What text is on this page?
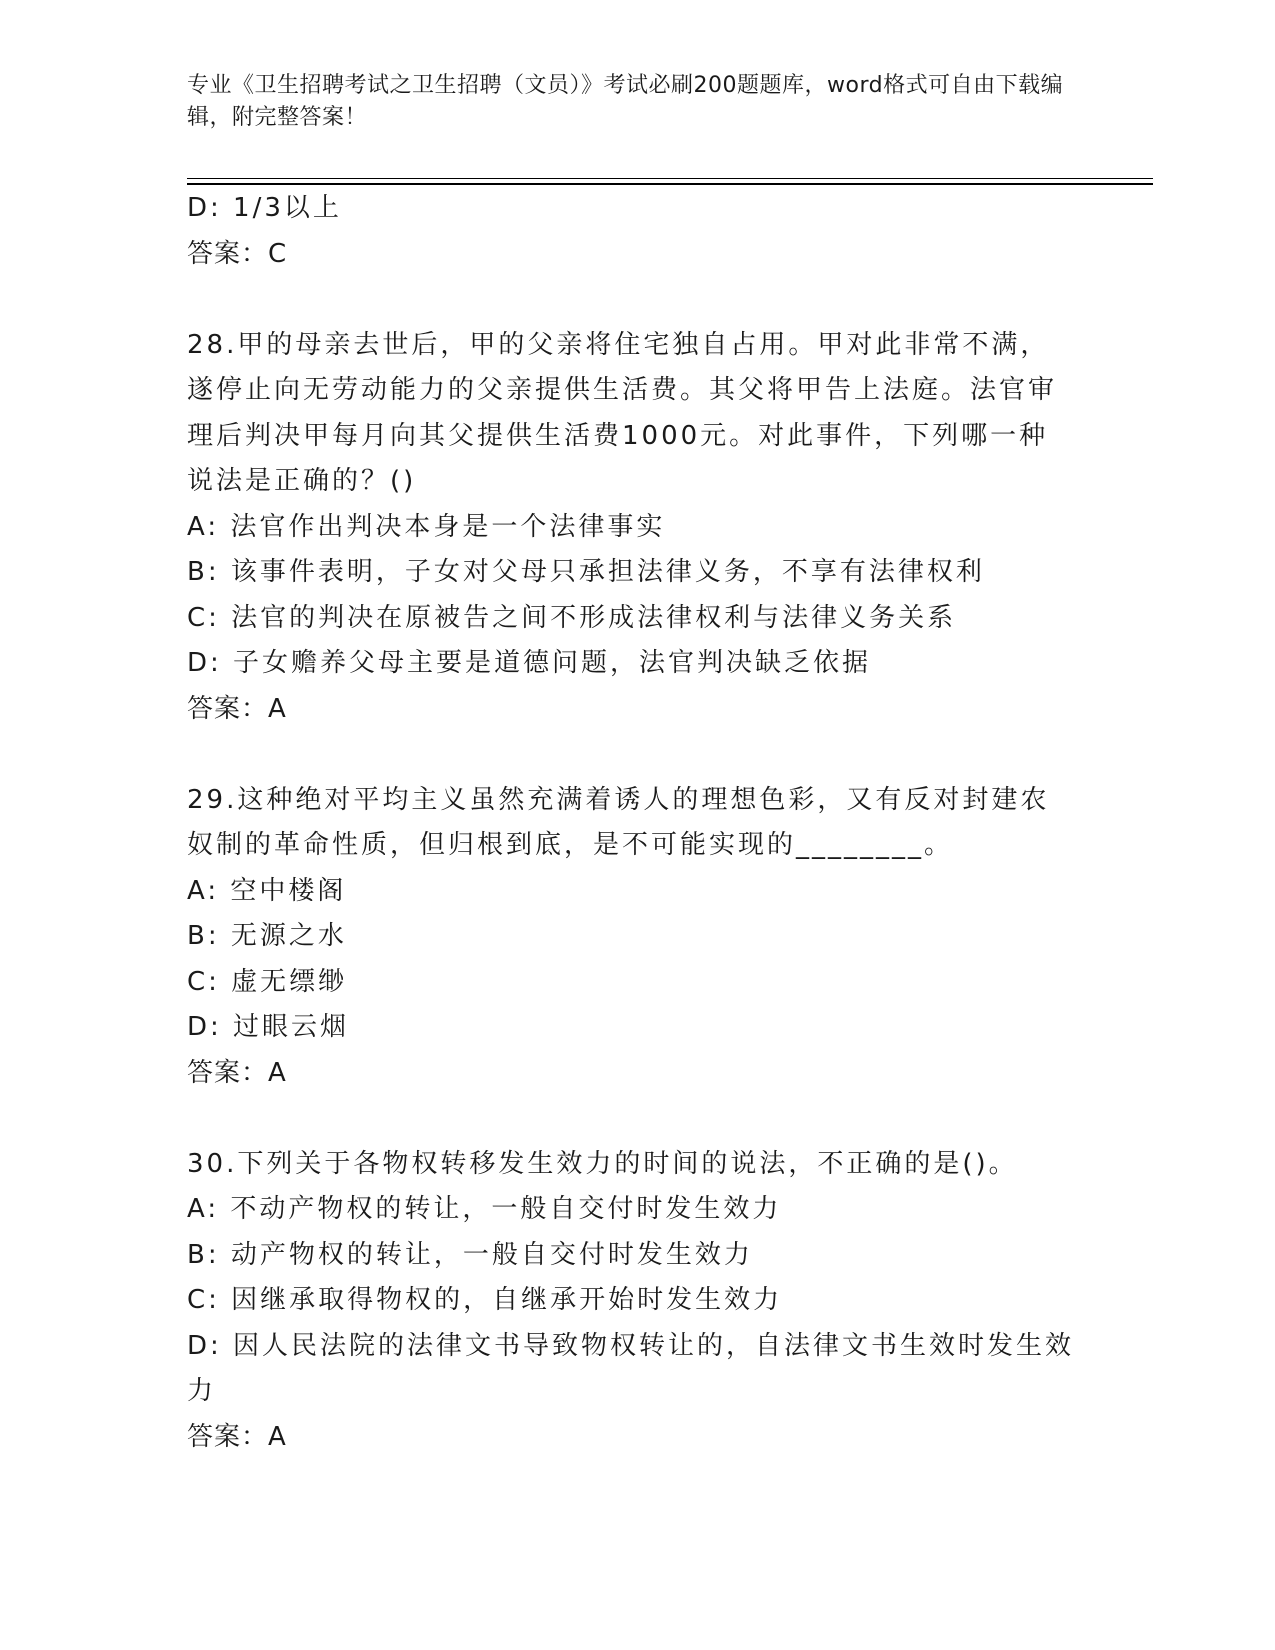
专业《卫生招聘考试之卫生招聘（文员）》考试必刷200题题库，word格式可自由下载编辑，附完整答案！

D: 1/3以上

答案：C

28.甲的母亲去世后，甲的父亲将住宅独自占用。甲对此非常不满，遂停止向无劳动能力的父亲提供生活费。其父将甲告上法庭。法官审理后判决甲每月向其父提供生活费1000元。对此事件，下列哪一种说法是正确的？()

A: 法官作出判决本身是一个法律事实

B: 该事件表明，子女对父母只承担法律义务，不享有法律权利

C: 法官的判决在原被告之间不形成法律权利与法律义务关系

D: 子女赡养父母主要是道德问题，法官判决缺乏依据

答案：A

29.这种绝对平均主义虽然充满着诱人的理想色彩，又有反对封建农奴制的革命性质，但归根到底，是不可能实现的________。

A: 空中楼阁

B: 无源之水

C: 虚无缥缈

D: 过眼云烟

答案：A

30.下列关于各物权转移发生效力的时间的说法，不正确的是()。

A: 不动产物权的转让，一般自交付时发生效力

B: 动产物权的转让，一般自交付时发生效力

C: 因继承取得物权的，自继承开始时发生效力

D: 因人民法院的法律文书导致物权转让的，自法律文书生效时发生效力

答案：A
